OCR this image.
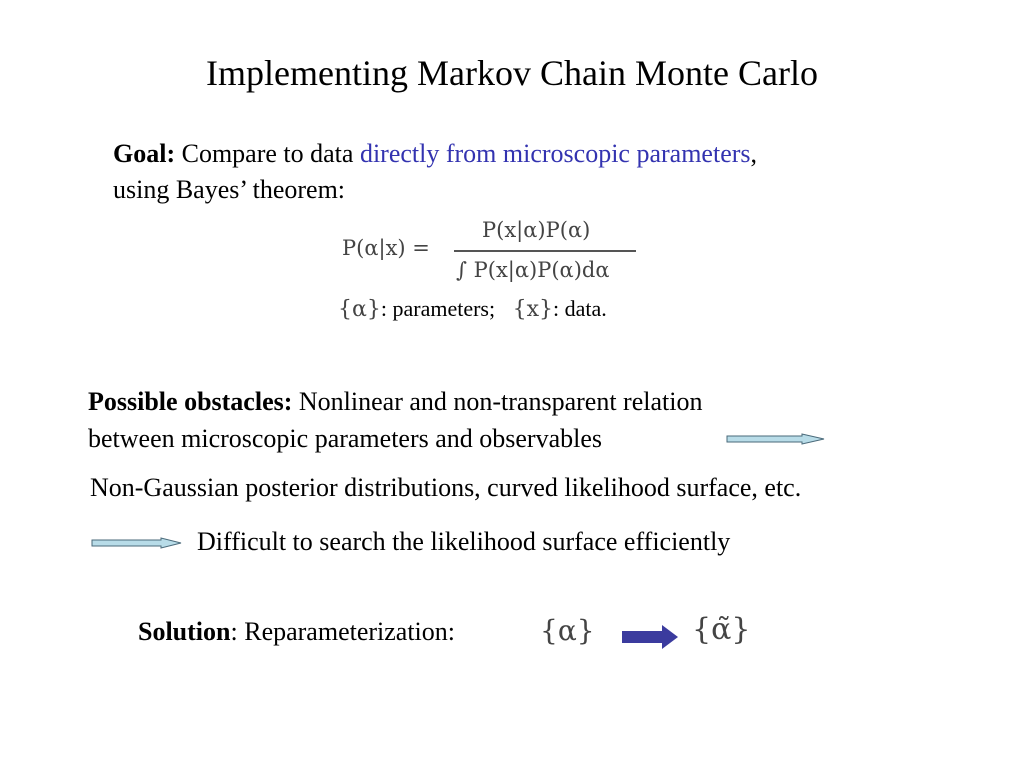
Implementing Markov Chain Monte Carlo
Goal: Compare to data directly from microscopic parameters,
using Bayes’ theorem:
P(α|x) =
P(x|α)P(α)
∫ P(x|α)P(α)dα
{α}: parameters; {x}: data.
Possible obstacles: Nonlinear and non-transparent relation
between microscopic parameters and observables
Non-Gaussian posterior distributions, curved likelihood surface, etc.
Difficult to search the likelihood surface efficiently
Solution: Reparameterization:	{α}	{α̃}
